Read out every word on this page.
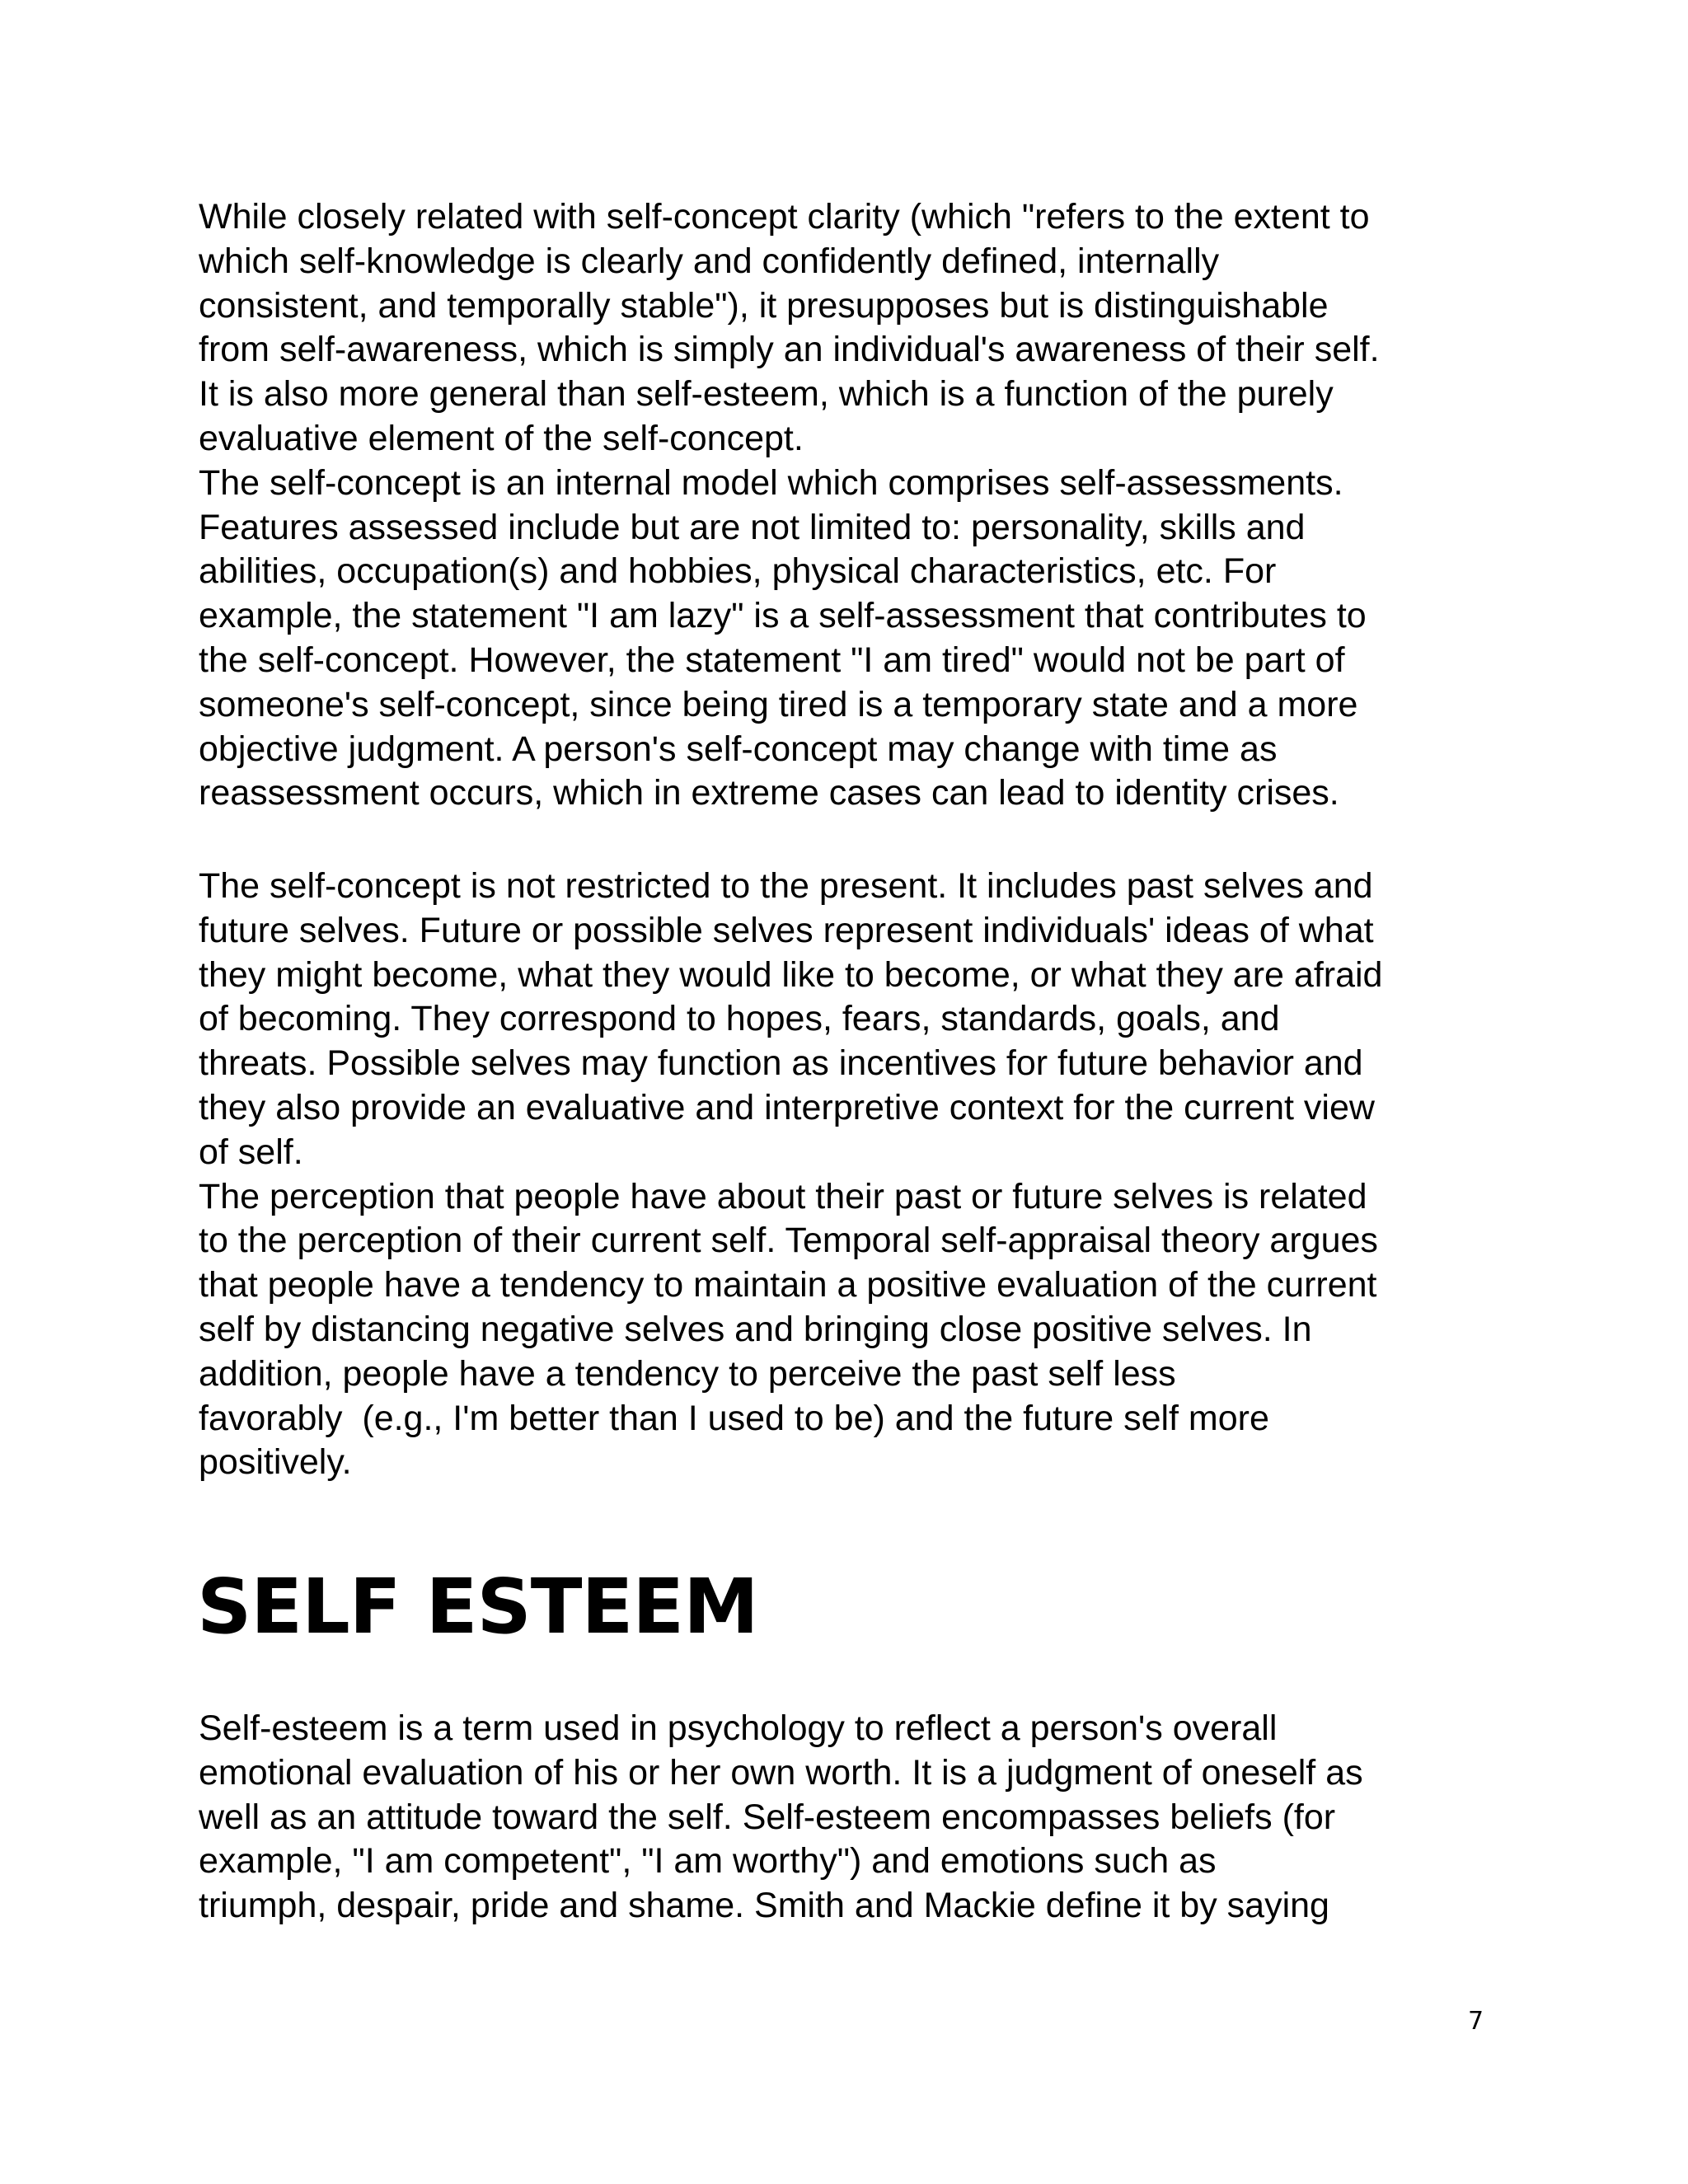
While closely related with self-concept clarity (which "refers to the extent to
which self-knowledge is clearly and confidently defined, internally
consistent, and temporally stable"), it presupposes but is distinguishable
from self-awareness, which is simply an individual's awareness of their self.
It is also more general than self-esteem, which is a function of the purely
evaluative element of the self-concept.
The self-concept is an internal model which comprises self-assessments.
Features assessed include but are not limited to: personality, skills and
abilities, occupation(s) and hobbies, physical characteristics, etc. For
example, the statement "I am lazy" is a self-assessment that contributes to
the self-concept. However, the statement "I am tired" would not be part of
someone's self-concept, since being tired is a temporary state and a more
objective judgment. A person's self-concept may change with time as
reassessment occurs, which in extreme cases can lead to identity crises.
The self-concept is not restricted to the present. It includes past selves and
future selves. Future or possible selves represent individuals' ideas of what
they might become, what they would like to become, or what they are afraid
of becoming. They correspond to hopes, fears, standards, goals, and
threats. Possible selves may function as incentives for future behavior and
they also provide an evaluative and interpretive context for the current view
of self.
The perception that people have about their past or future selves is related
to the perception of their current self. Temporal self-appraisal theory argues
that people have a tendency to maintain a positive evaluation of the current
self by distancing negative selves and bringing close positive selves. In
addition, people have a tendency to perceive the past self less
favorably  (e.g., I'm better than I used to be) and the future self more
positively.
SELF ESTEEM
Self-esteem is a term used in psychology to reflect a person's overall
emotional evaluation of his or her own worth. It is a judgment of oneself as
well as an attitude toward the self. Self-esteem encompasses beliefs (for
example, "I am competent", "I am worthy") and emotions such as
triumph, despair, pride and shame. Smith and Mackie define it by saying
7
